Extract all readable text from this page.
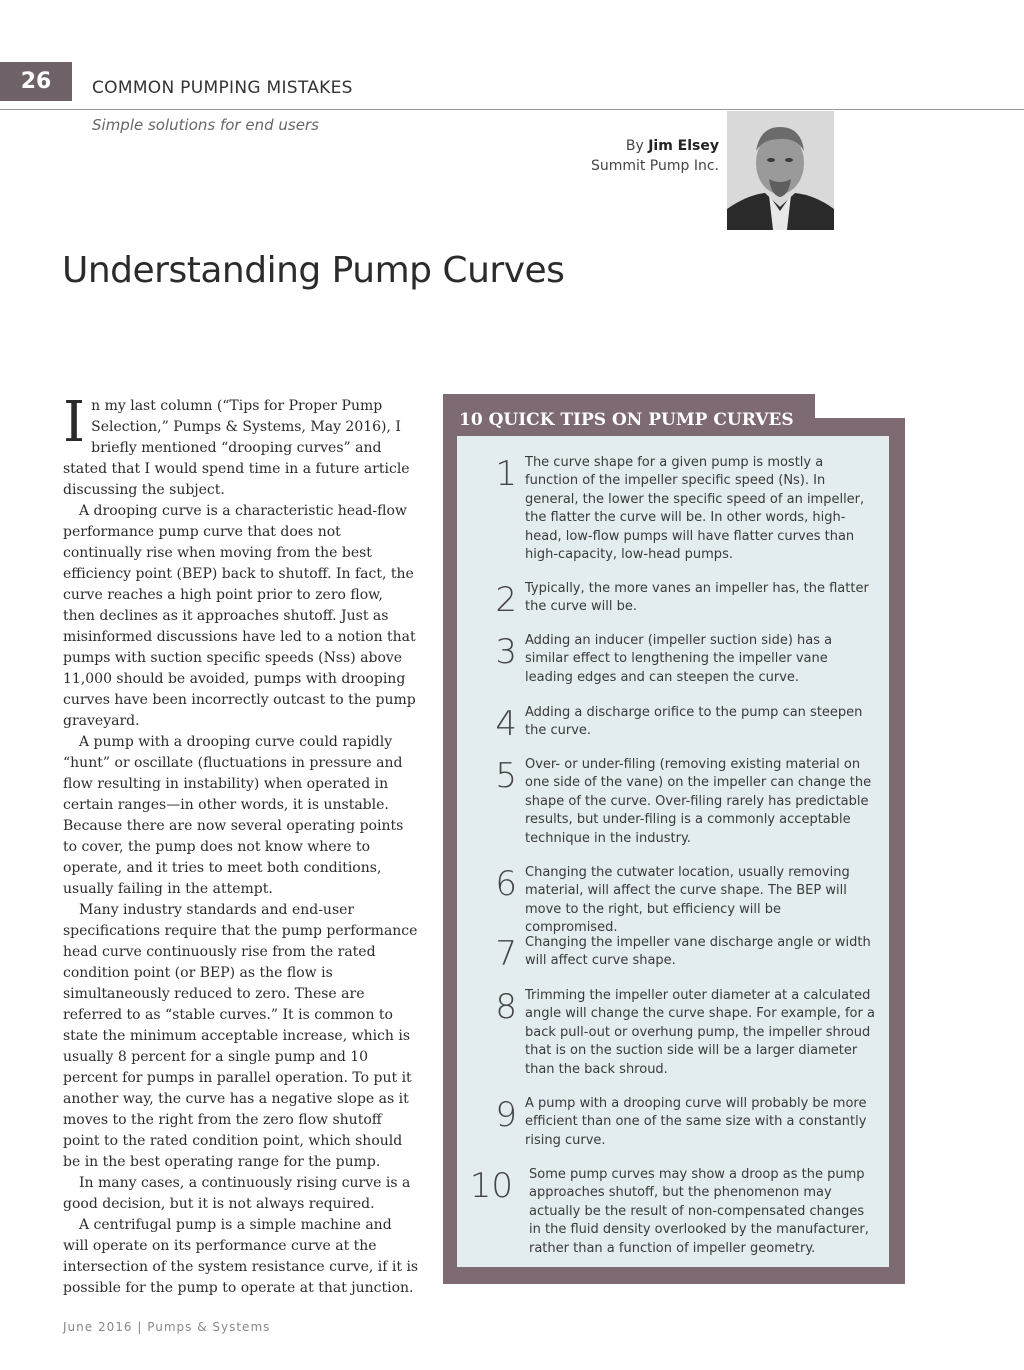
26	COMMON PUMPING MISTAKES
Simple solutions for end users
By Jim Elsey
Summit Pump Inc.
Understanding Pump Curves

In my last column (“Tips for Proper Pump Selection,” Pumps & Systems, May 2016), I briefly mentioned “drooping curves” and stated that I would spend time in a future article discussing the subject.

A drooping curve is a characteristic head-flow performance pump curve that does not continually rise when moving from the best efficiency point (BEP) back to shutoff. In fact, the curve reaches a high point prior to zero flow, then declines as it approaches shutoff. Just as misinformed discussions have led to a notion that pumps with suction specific speeds (Nss) above 11,000 should be avoided, pumps with drooping curves have been incorrectly outcast to the pump graveyard.

A pump with a drooping curve could rapidly “hunt” or oscillate (fluctuations in pressure and flow resulting in instability) when operated in certain ranges—in other words, it is unstable. Because there are now several operating points to cover, the pump does not know where to operate, and it tries to meet both conditions, usually failing in the attempt.

Many industry standards and end-user specifications require that the pump performance head curve continuously rise from the rated condition point (or BEP) as the flow is simultaneously reduced to zero. These are referred to as “stable curves.” It is common to state the minimum acceptable increase, which is usually 8 percent for a single pump and 10 percent for pumps in parallel operation. To put it another way, the curve has a negative slope as it moves to the right from the zero flow shutoff point to the rated condition point, which should be in the best operating range for the pump.

In many cases, a continuously rising curve is a good decision, but it is not always required.

A centrifugal pump is a simple machine and will operate on its performance curve at the intersection of the system resistance curve, if it is possible for the pump to operate at that junction.

10 QUICK TIPS ON PUMP CURVES
1 The curve shape for a given pump is mostly a function of the impeller specific speed (Ns). In general, the lower the specific speed of an impeller, the flatter the curve will be. In other words, high-head, low-flow pumps will have flatter curves than high-capacity, low-head pumps.
2 Typically, the more vanes an impeller has, the flatter the curve will be.
3 Adding an inducer (impeller suction side) has a similar effect to lengthening the impeller vane leading edges and can steepen the curve.
4 Adding a discharge orifice to the pump can steepen the curve.
5 Over- or under-filing (removing existing material on one side of the vane) on the impeller can change the shape of the curve. Over-filing rarely has predictable results, but under-filing is a commonly acceptable technique in the industry.
6 Changing the cutwater location, usually removing material, will affect the curve shape. The BEP will move to the right, but efficiency will be compromised.
7 Changing the impeller vane discharge angle or width will affect curve shape.
8 Trimming the impeller outer diameter at a calculated angle will change the curve shape. For example, for a back pull-out or overhung pump, the impeller shroud that is on the suction side will be a larger diameter than the back shroud.
9 A pump with a drooping curve will probably be more efficient than one of the same size with a constantly rising curve.
10 Some pump curves may show a droop as the pump approaches shutoff, but the phenomenon may actually be the result of non-compensated changes in the fluid density overlooked by the manufacturer, rather than a function of impeller geometry.
June 2016 | Pumps & Systems
